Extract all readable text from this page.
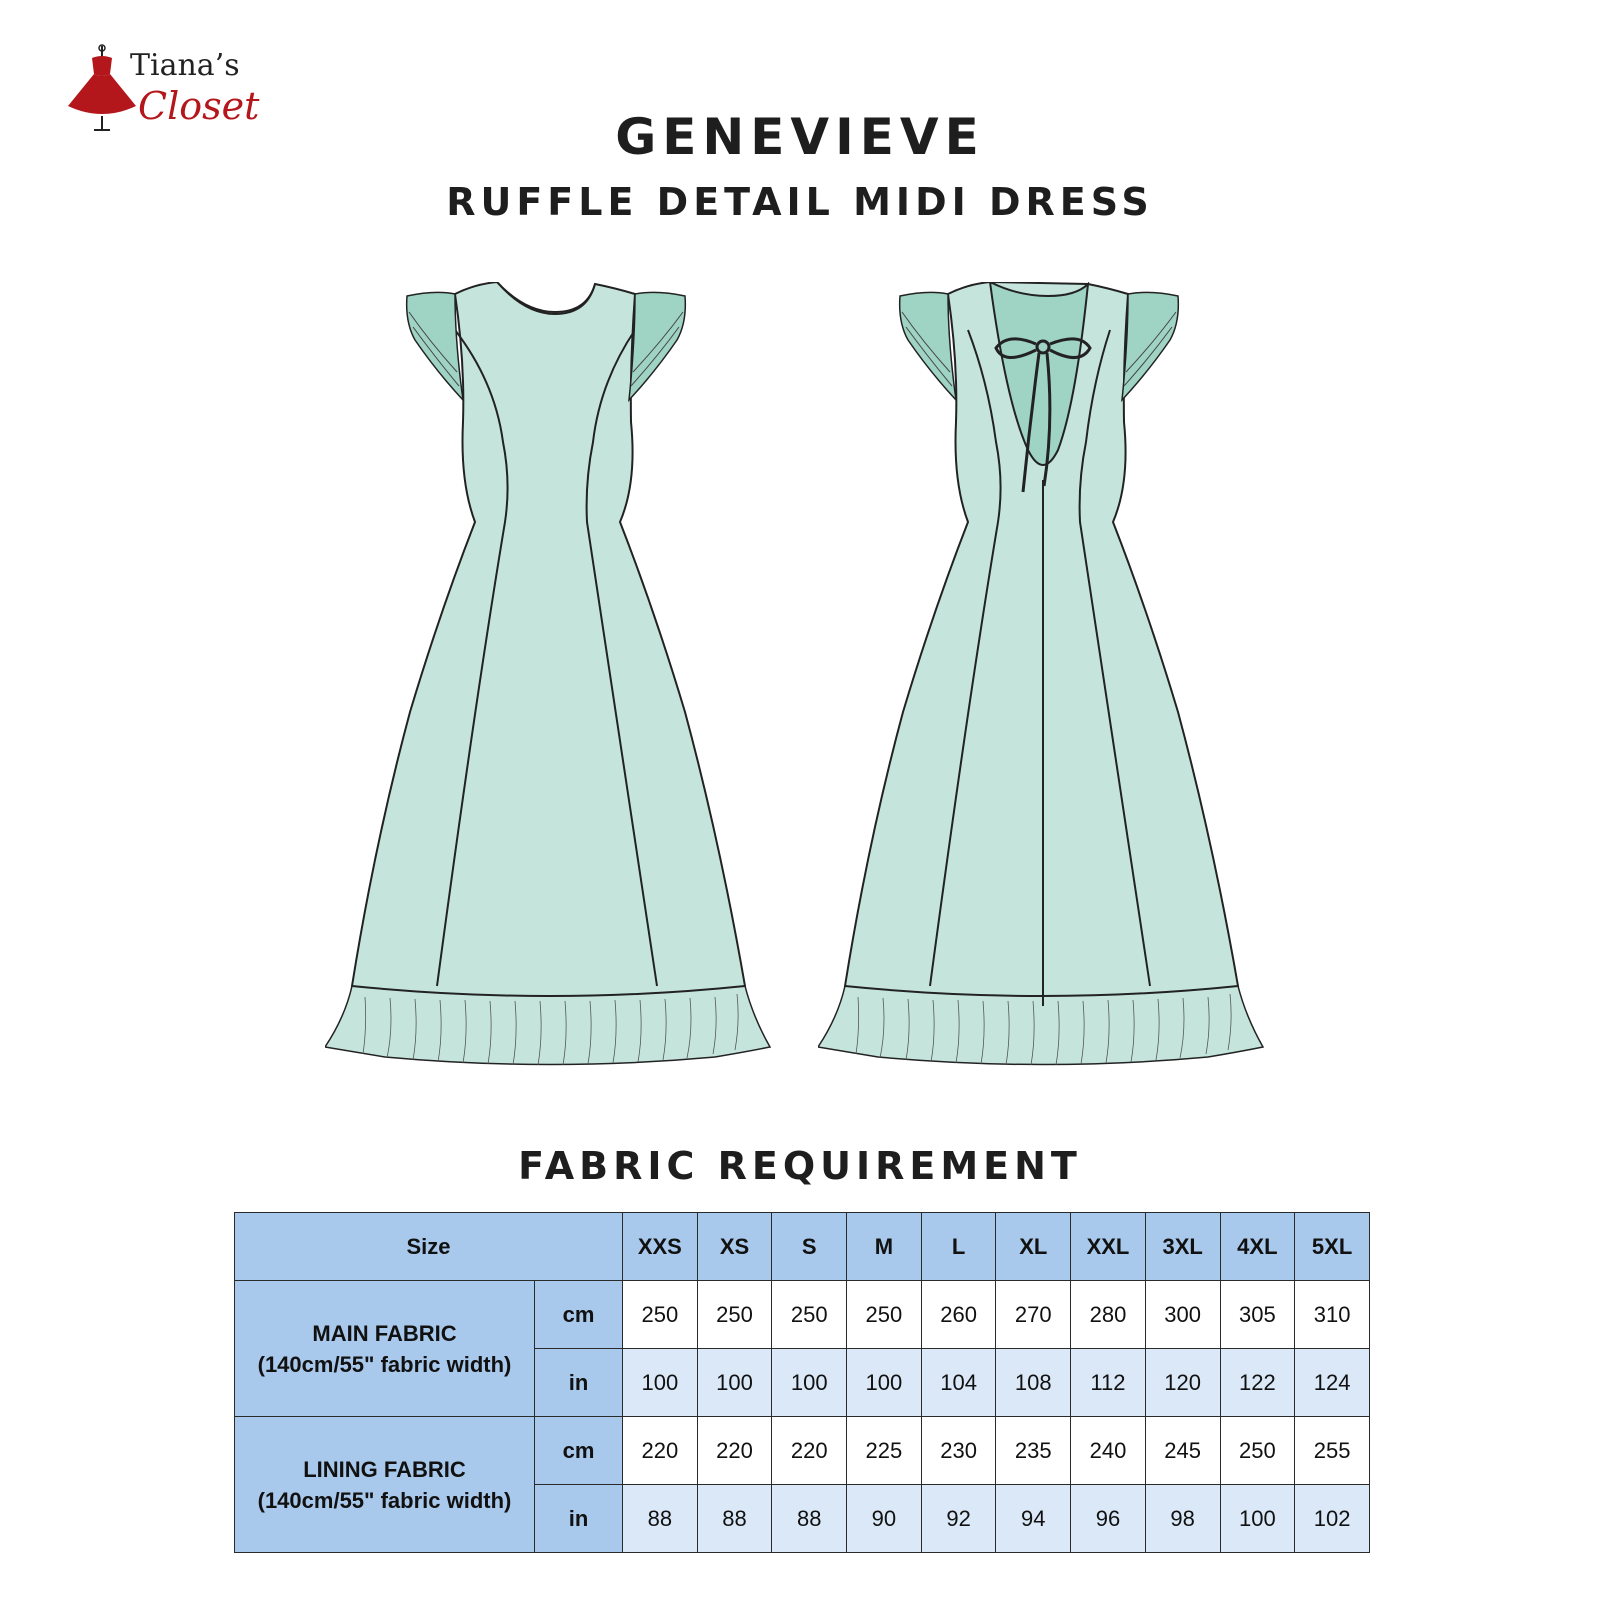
Tiana’s
Closet
GENEVIEVE
RUFFLE DETAIL MIDI DRESS
FABRIC REQUIREMENT
Size		XXS	XS	S	M	L	XL	XXL	3XL	4XL	5XL

MAIN FABRIC
(140cm/55" fabric width)	cm	250	250	250	250	260	270	280	300	305	310
	in	100	100	100	100	104	108	112	120	122	124

LINING FABRIC
(140cm/55" fabric width)	cm	220	220	220	225	230	235	240	245	250	255
	in	88	88	88	90	92	94	96	98	100	102
